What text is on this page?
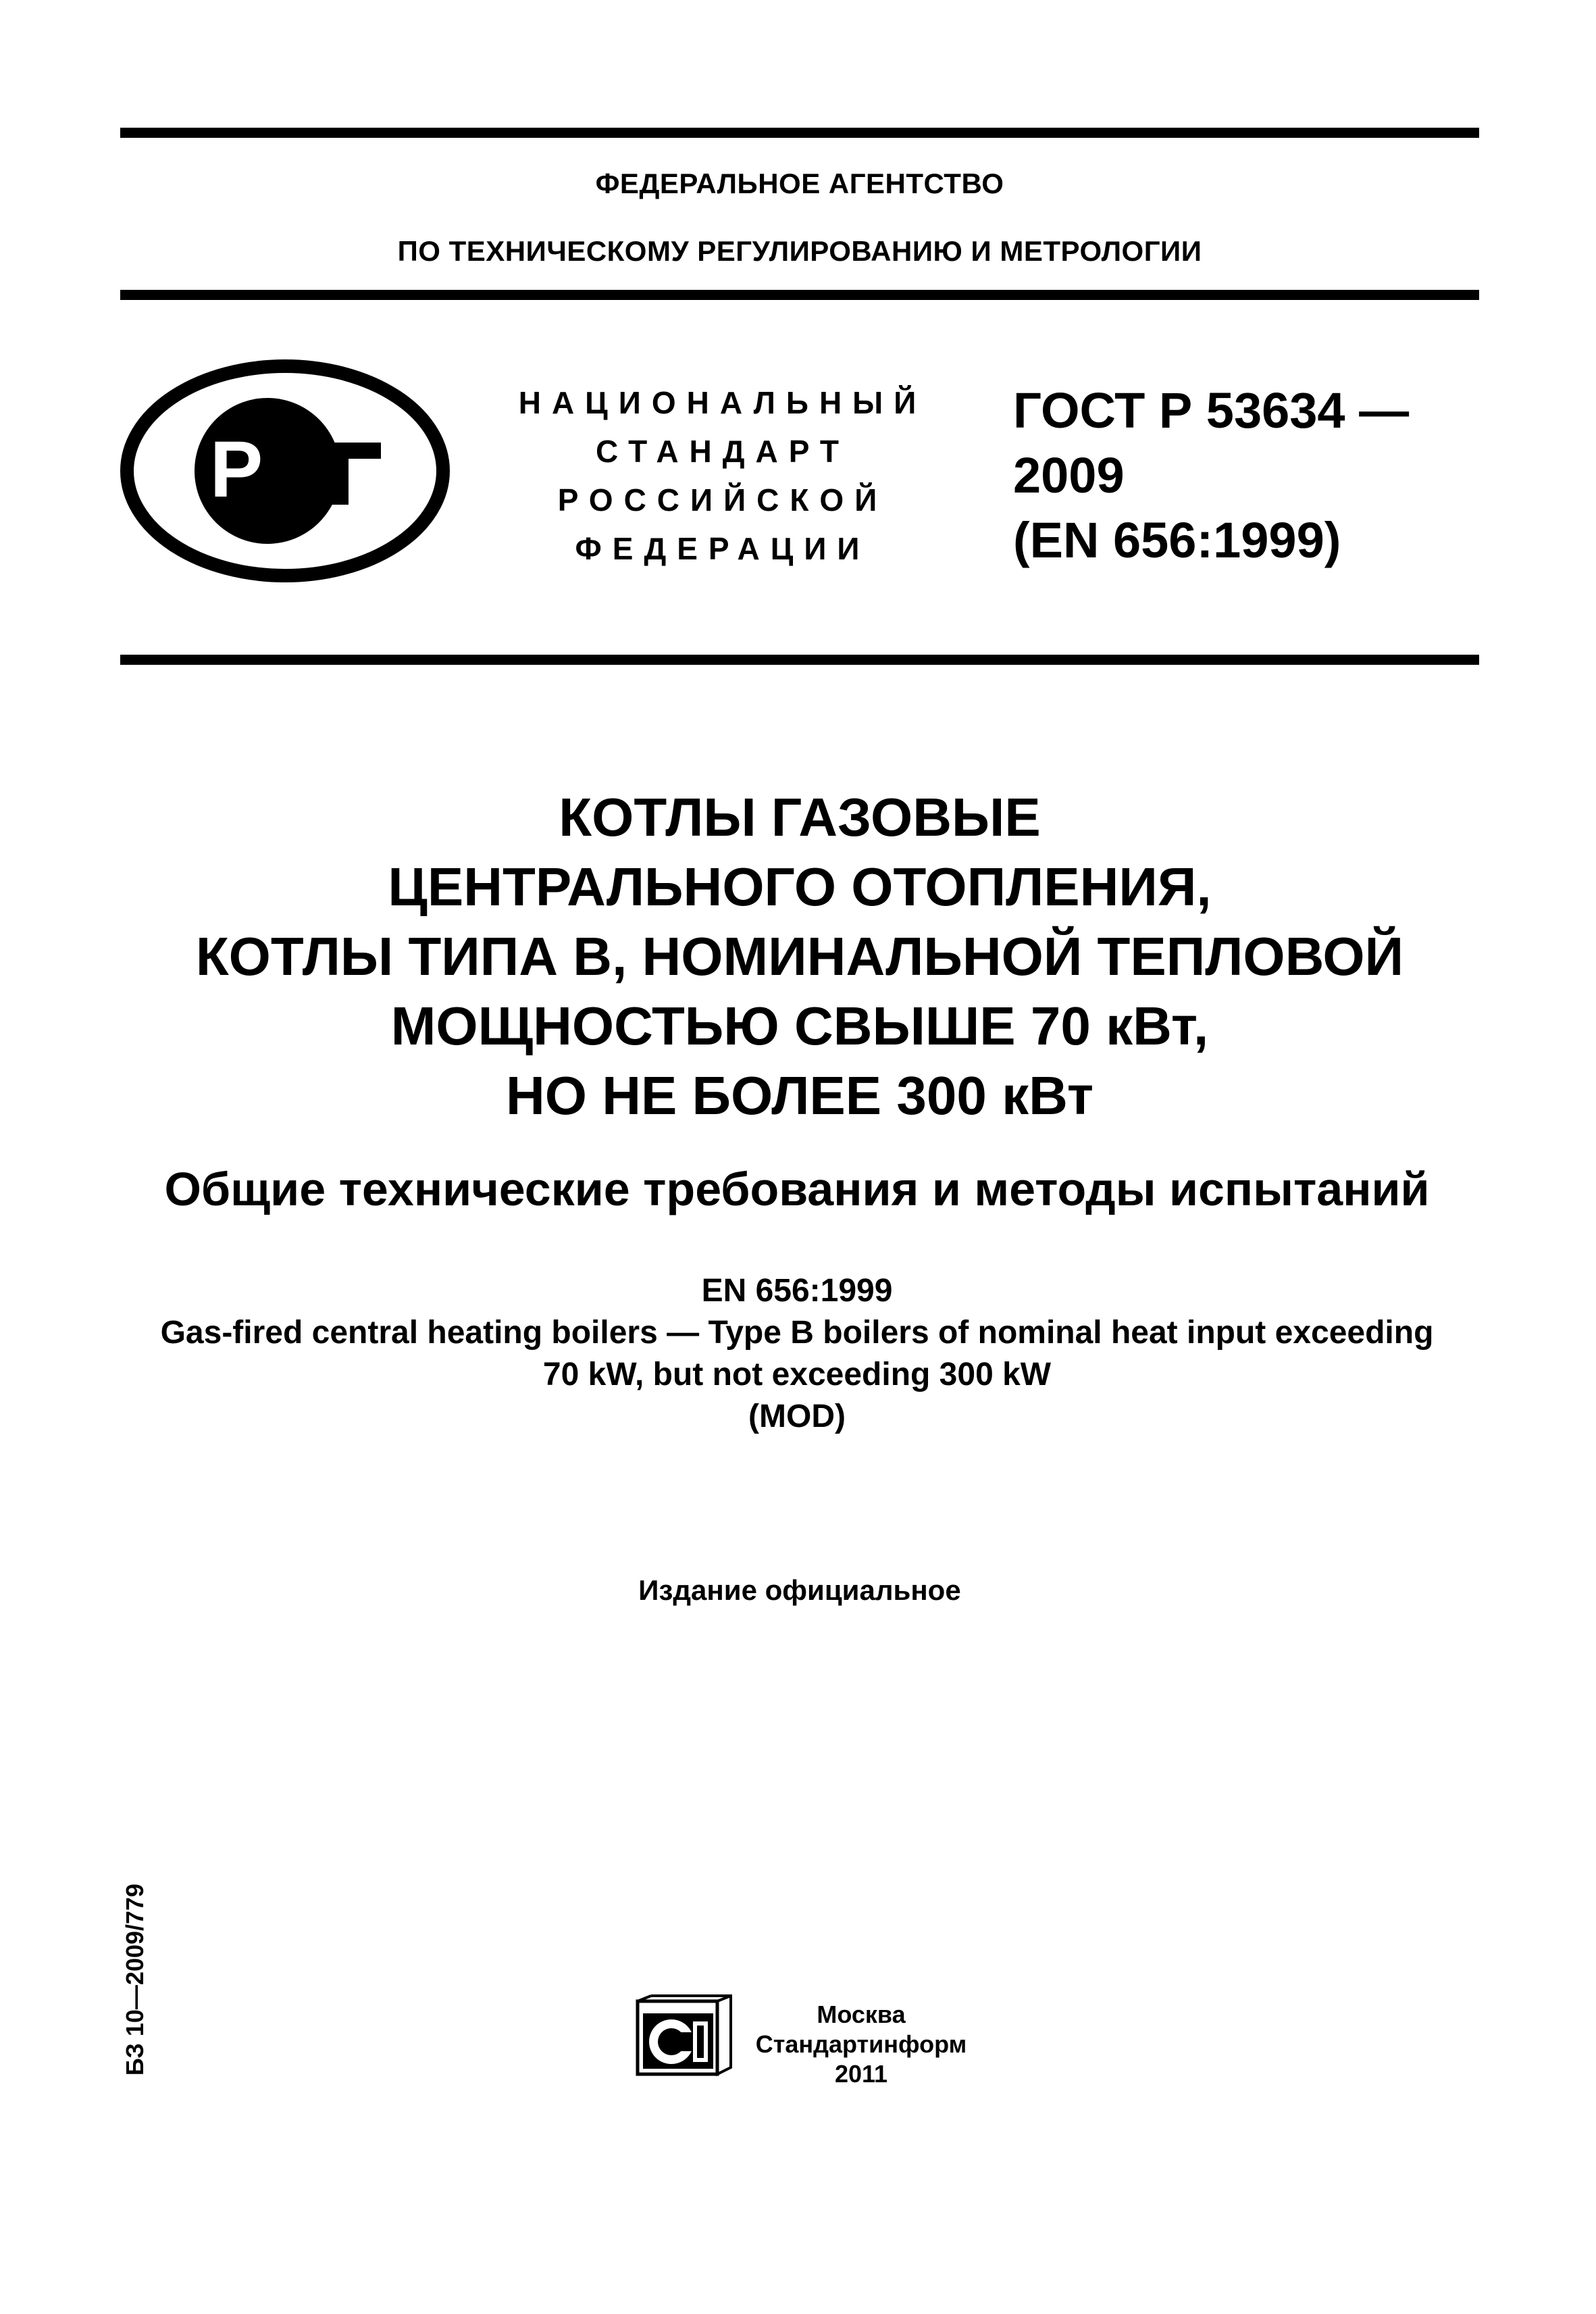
ФЕДЕРАЛЬНОЕ АГЕНТСТВО
ПО ТЕХНИЧЕСКОМУ РЕГУЛИРОВАНИЮ И МЕТРОЛОГИИ
Р
НАЦИОНАЛЬНЫЙ
СТАНДАРТ
РОССИЙСКОЙ
ФЕДЕРАЦИИ
ГОСТ Р 53634 —
2009
(EN 656:1999)
КОТЛЫ ГАЗОВЫЕ
ЦЕНТРАЛЬНОГО ОТОПЛЕНИЯ,
КОТЛЫ ТИПА В, НОМИНАЛЬНОЙ ТЕПЛОВОЙ
МОЩНОСТЬЮ СВЫШЕ 70 кВт,
НО НЕ БОЛЕЕ 300 кВт
Общие технические требования и методы испытаний
EN 656:1999
Gas-fired central heating boilers — Type B boilers of nominal heat input exceeding
70 kW, but not exceeding 300 kW
(MOD)
Издание официальное
БЗ 10—2009/779	Москва
Стандартинформ
2011
